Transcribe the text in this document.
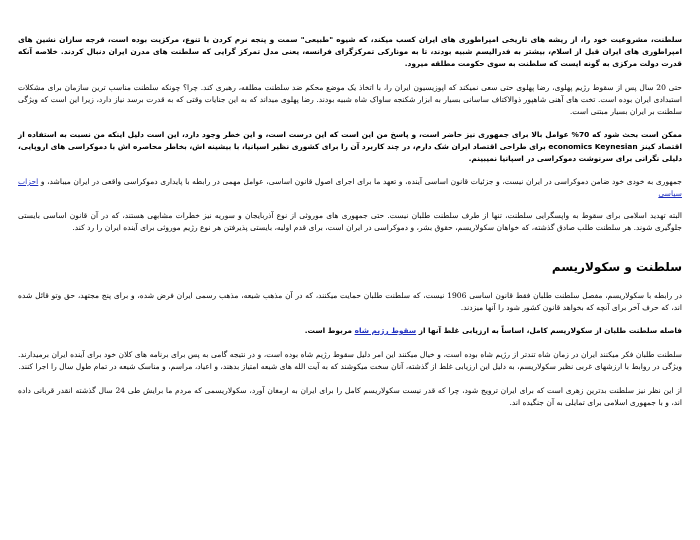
سلطنت، مشروعیت خود را، از ریشه های تاریخی امپراطوری های ایران کسب میکند، که شیوه "طبیعی" سمت و پنجه نرم کردن با تنوع، مرکزیت بوده است، فرجه سازان نشین های امپراطوری های ایران قبل از اسلام، بیشتر به فدرالیسم شبیه بودند، تا به مونارکی تمرکزگرای فرانسه، یعنی مدل تمرکز گرایی که سلطنت های مدرن ایران دنبال کردند. خلاصه آنکه قدرت دولت مرکزی به گونه ایست که سلطنت به سوی حکومت مطلقه میرود.

حتی 20 سال پس از سقوط رژیم پهلوی، رضا پهلوی حتی سعی نمیکند که اپوزیسیون ایران را، با اتخاذ یک موضع محکم ضد سلطنت مطلقه، رهبری کند. چرا؟ چونکه سلطنت مناسب ترین سازمان برای مشکلات استبدادی ایران بوده است. تخت های آهنی شاهپور ذوالاکتاف ساسانی بسیار به ابزار شکنجه ساواک شاه شبیه بودند. رضا پهلوی میداند که به این جنایات وقتی که به قدرت برسد نیاز دارد، زیرا این است که ویژگی سلطنت بر ایران بسیار مبتنی است.

ممکن است بحث شود که 70% عوامل بالا برای جمهوری نیز حاضر است، و پاسخ من این است که این درست است، و این خطر وجود دارد، این است دلیل اینکه من نسبت به استفاده از اقتصاد کینز economics Keynesian برای طراحی اقتصاد ایران شک دارم، در چند کاربرد آن را برای کشوری نظیر اسپانیا، با بیشینه اش، بخاطر محاصره اش با دموکراسی های اروپایی، دلیلی نگرانی برای سرنوشت دموکراسی در اسپانیا نمیبینم.

جمهوری به خودی خود ضامن دموکراسی در ایران نیست، و جزئیات قانون اساسی آینده، و تعهد ما برای اجرای اصول قانون اساسی، عوامل مهمی در رابطه با پایداری دموکراسی واقعی در ایران میباشد، و احزاب سیاسی

البته تهدید اسلامی برای سقوط به واپسگرایی سلطنت، تنها از طرف سلطنت طلبان نیست. حتی جمهوری های موروثی از نوع آذربایجان و سوریه نیز خطرات مشابهی هستند، که در آن قانون اساسی بایستی جلوگیری شوند. هر سلطنت طلب صادق گذشته، که خواهان سکولاریسم، حقوق بشر، و دموکراسی در ایران است، برای قدم اولیه، بایستی پذیرفتن هر نوع رژیم موروثی برای آینده ایران را رد کند.

سلطنت و سکولاریسم

در رابطه با سکولاریسم، مفصل سلطنت طلبان فقط قانون اساسی 1906 نیست، که سلطنت طلبان حمایت میکنند، که در آن مذهب شیعه، مذهب رسمی ایران فرض شده، و برای پنج مجتهد، حق وتو قائل شده اند، که حرف آخر برای آنچه که بخواهد قانون کشور شود را آنها میزدند.

فاصله سلطنت طلبان از سکولاریسم کامل، اساساً به ارزیابی غلط آنها از سقوط رژیم شاه مربوط است.

سلطنت طلبان فکر میکنند ایران در زمان شاه تندتر از رژیم شاه بوده است، و خیال میکنند این امر دلیل سقوط رژیم شاه بوده است، و در نتیجه گامی به پس برای برنامه های کلان خود برای آینده ایران برمیدارند. ویژگی در روابط با ارزشهای غربی نظیر سکولاریسم، به دلیل این ارزیابی غلط از گذشته، آنان سخت میکوشند که به آیت الله های شیعه امتیاز بدهند، و اعیاد، مراسم، و مناسک شیعه در تمام طول سال را اجرا کنند.

از این نظر نیز سلطنت بدترین زهری است که برای ایران ترویج شود، چرا که قدر نیست سکولاریسم کامل را برای ایران به ارمغان آورد، سکولاریسمی که مردم ما برایش طی 24 سال گذشته انقدر قربانی داده اند، و با جمهوری اسلامی برای تمایلی به آن جنگیده اند.
